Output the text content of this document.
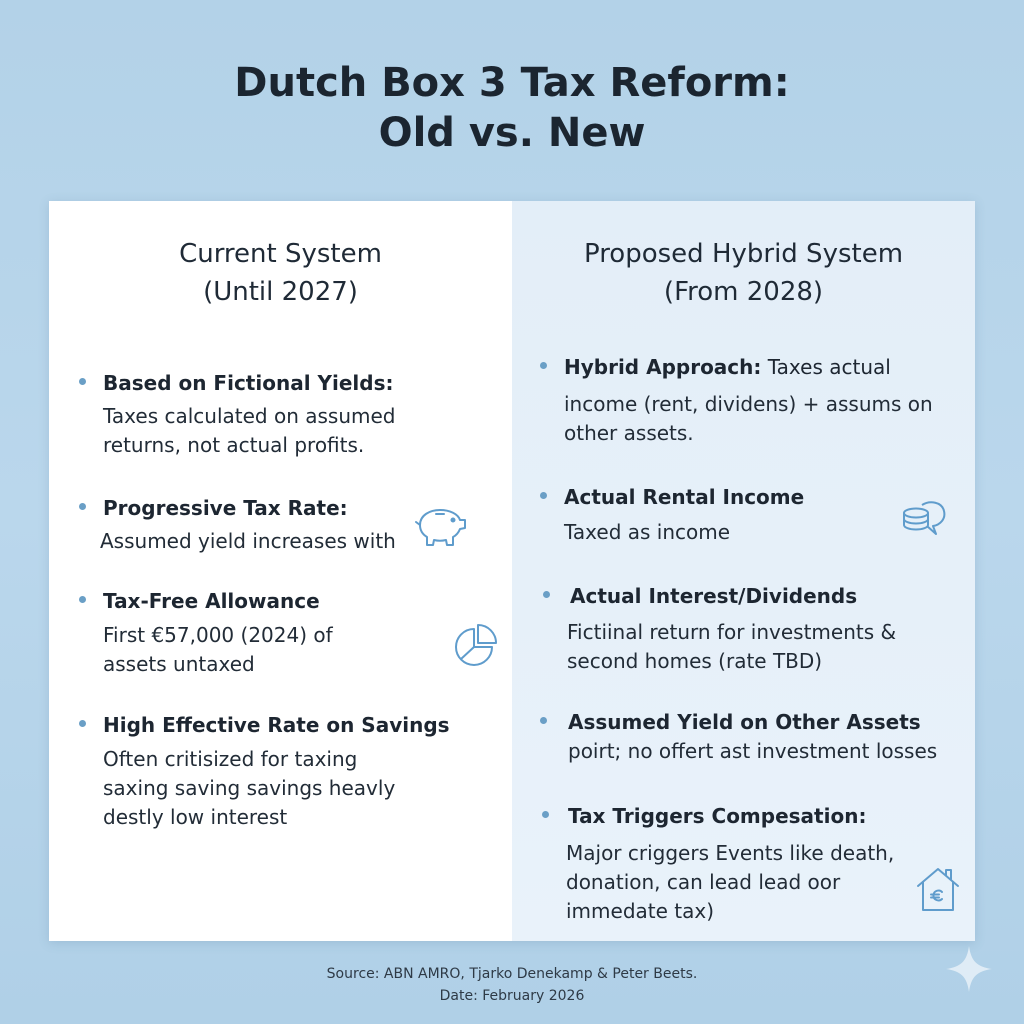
Dutch Box 3 Tax Reform:
Old vs. New
Current System
(Until 2027)
Based on Fictional Yields:
Taxes calculated on assumed
returns, not actual profits.
Progressive Tax Rate:
Assumed yield increases with
Tax-Free Allowance
First €57,000 (2024) of
assets untaxed
High Effective Rate on Savings
Often critisized for taxing
saxing saving savings heavly
destly low interest
Proposed Hybrid System
(From 2028)
Hybrid Approach: Taxes actual
income (rent, dividens) + assums on
other assets.
Actual Rental Income
Taxed as income
Actual Interest/Dividends
Fictiinal return for investments &
second homes (rate TBD)
Assumed Yield on Other Assets
poirt; no offert ast investment losses
Tax Triggers Compesation:
Major criggers Events like death,
donation, can lead lead oor
immedate tax)
Source: ABN AMRO, Tjarko Denekamp & Peter Beets.
Date: February 2026
